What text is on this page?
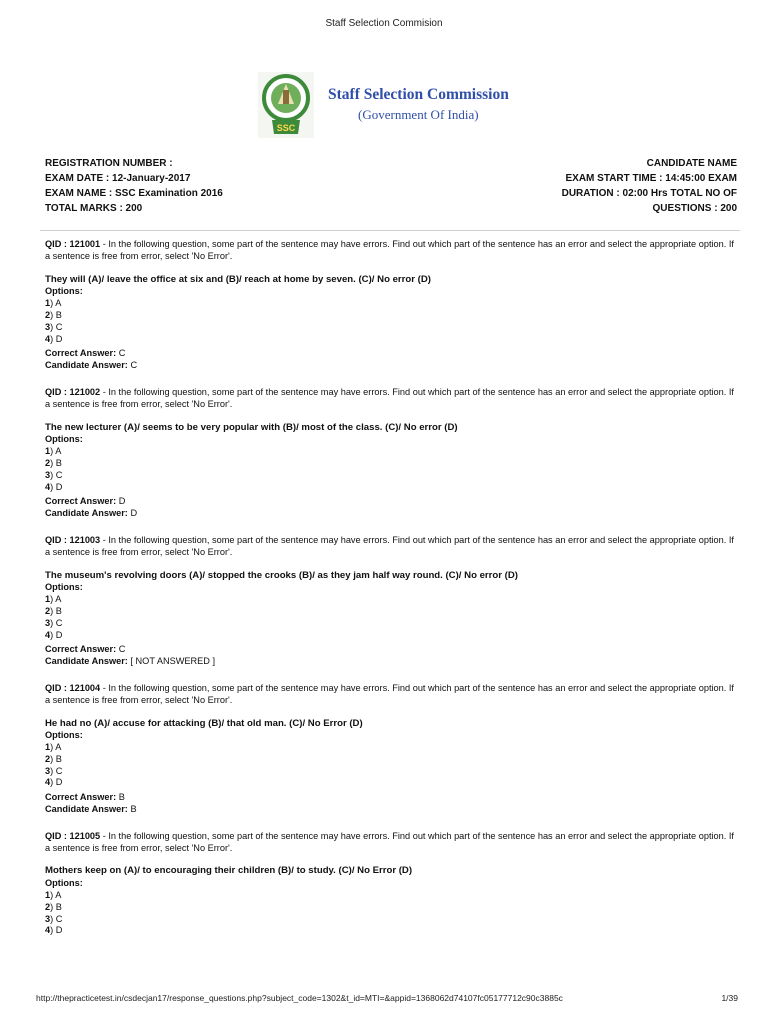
Staff Selection Commision
SSC
Staff Selection Commission
(Government Of India)
REGISTRATION NUMBER :
EXAM DATE : 12-January-2017
EXAM NAME : SSC Examination 2016
TOTAL MARKS : 200
CANDIDATE NAME
EXAM START TIME : 14:45:00 EXAM
DURATION : 02:00 Hrs TOTAL NO OF
QUESTIONS : 200
QID : 121001 - In the following question, some part of the sentence may have errors. Find out which part of the sentence has an error and select the appropriate option. If a sentence is free from error, select 'No Error'.
They will (A)/ leave the office at six and (B)/ reach at home by seven. (C)/ No error (D)
Options:
1) A
2) B
3) C
4) D
Correct Answer: C
Candidate Answer: C
QID : 121002 - In the following question, some part of the sentence may have errors. Find out which part of the sentence has an error and select the appropriate option. If a sentence is free from error, select 'No Error'.
The new lecturer (A)/ seems to be very popular with (B)/ most of the class. (C)/ No error (D)
Options:
1) A
2) B
3) C
4) D
Correct Answer: D
Candidate Answer: D
QID : 121003 - In the following question, some part of the sentence may have errors. Find out which part of the sentence has an error and select the appropriate option. If a sentence is free from error, select 'No Error'.
The museum's revolving doors (A)/ stopped the crooks (B)/ as they jam half way round. (C)/ No error (D)
Options:
1) A
2) B
3) C
4) D
Correct Answer: C
Candidate Answer: [ NOT ANSWERED ]
QID : 121004 - In the following question, some part of the sentence may have errors. Find out which part of the sentence has an error and select the appropriate option. If a sentence is free from error, select 'No Error'.
He had no (A)/ accuse for attacking (B)/ that old man. (C)/ No Error (D)
Options:
1) A
2) B
3) C
4) D
Correct Answer: B
Candidate Answer: B
QID : 121005 - In the following question, some part of the sentence may have errors. Find out which part of the sentence has an error and select the appropriate option. If a sentence is free from error, select 'No Error'.
Mothers keep on (A)/ to encouraging their children (B)/ to study. (C)/ No Error (D)
Options:
1) A
2) B
3) C
4) D
http://thepracticetest.in/csdecjan17/response_questions.php?subject_code=1302&t_id=MTI=&appid=1368062d74107fc05177712c90c3885c	1/39
